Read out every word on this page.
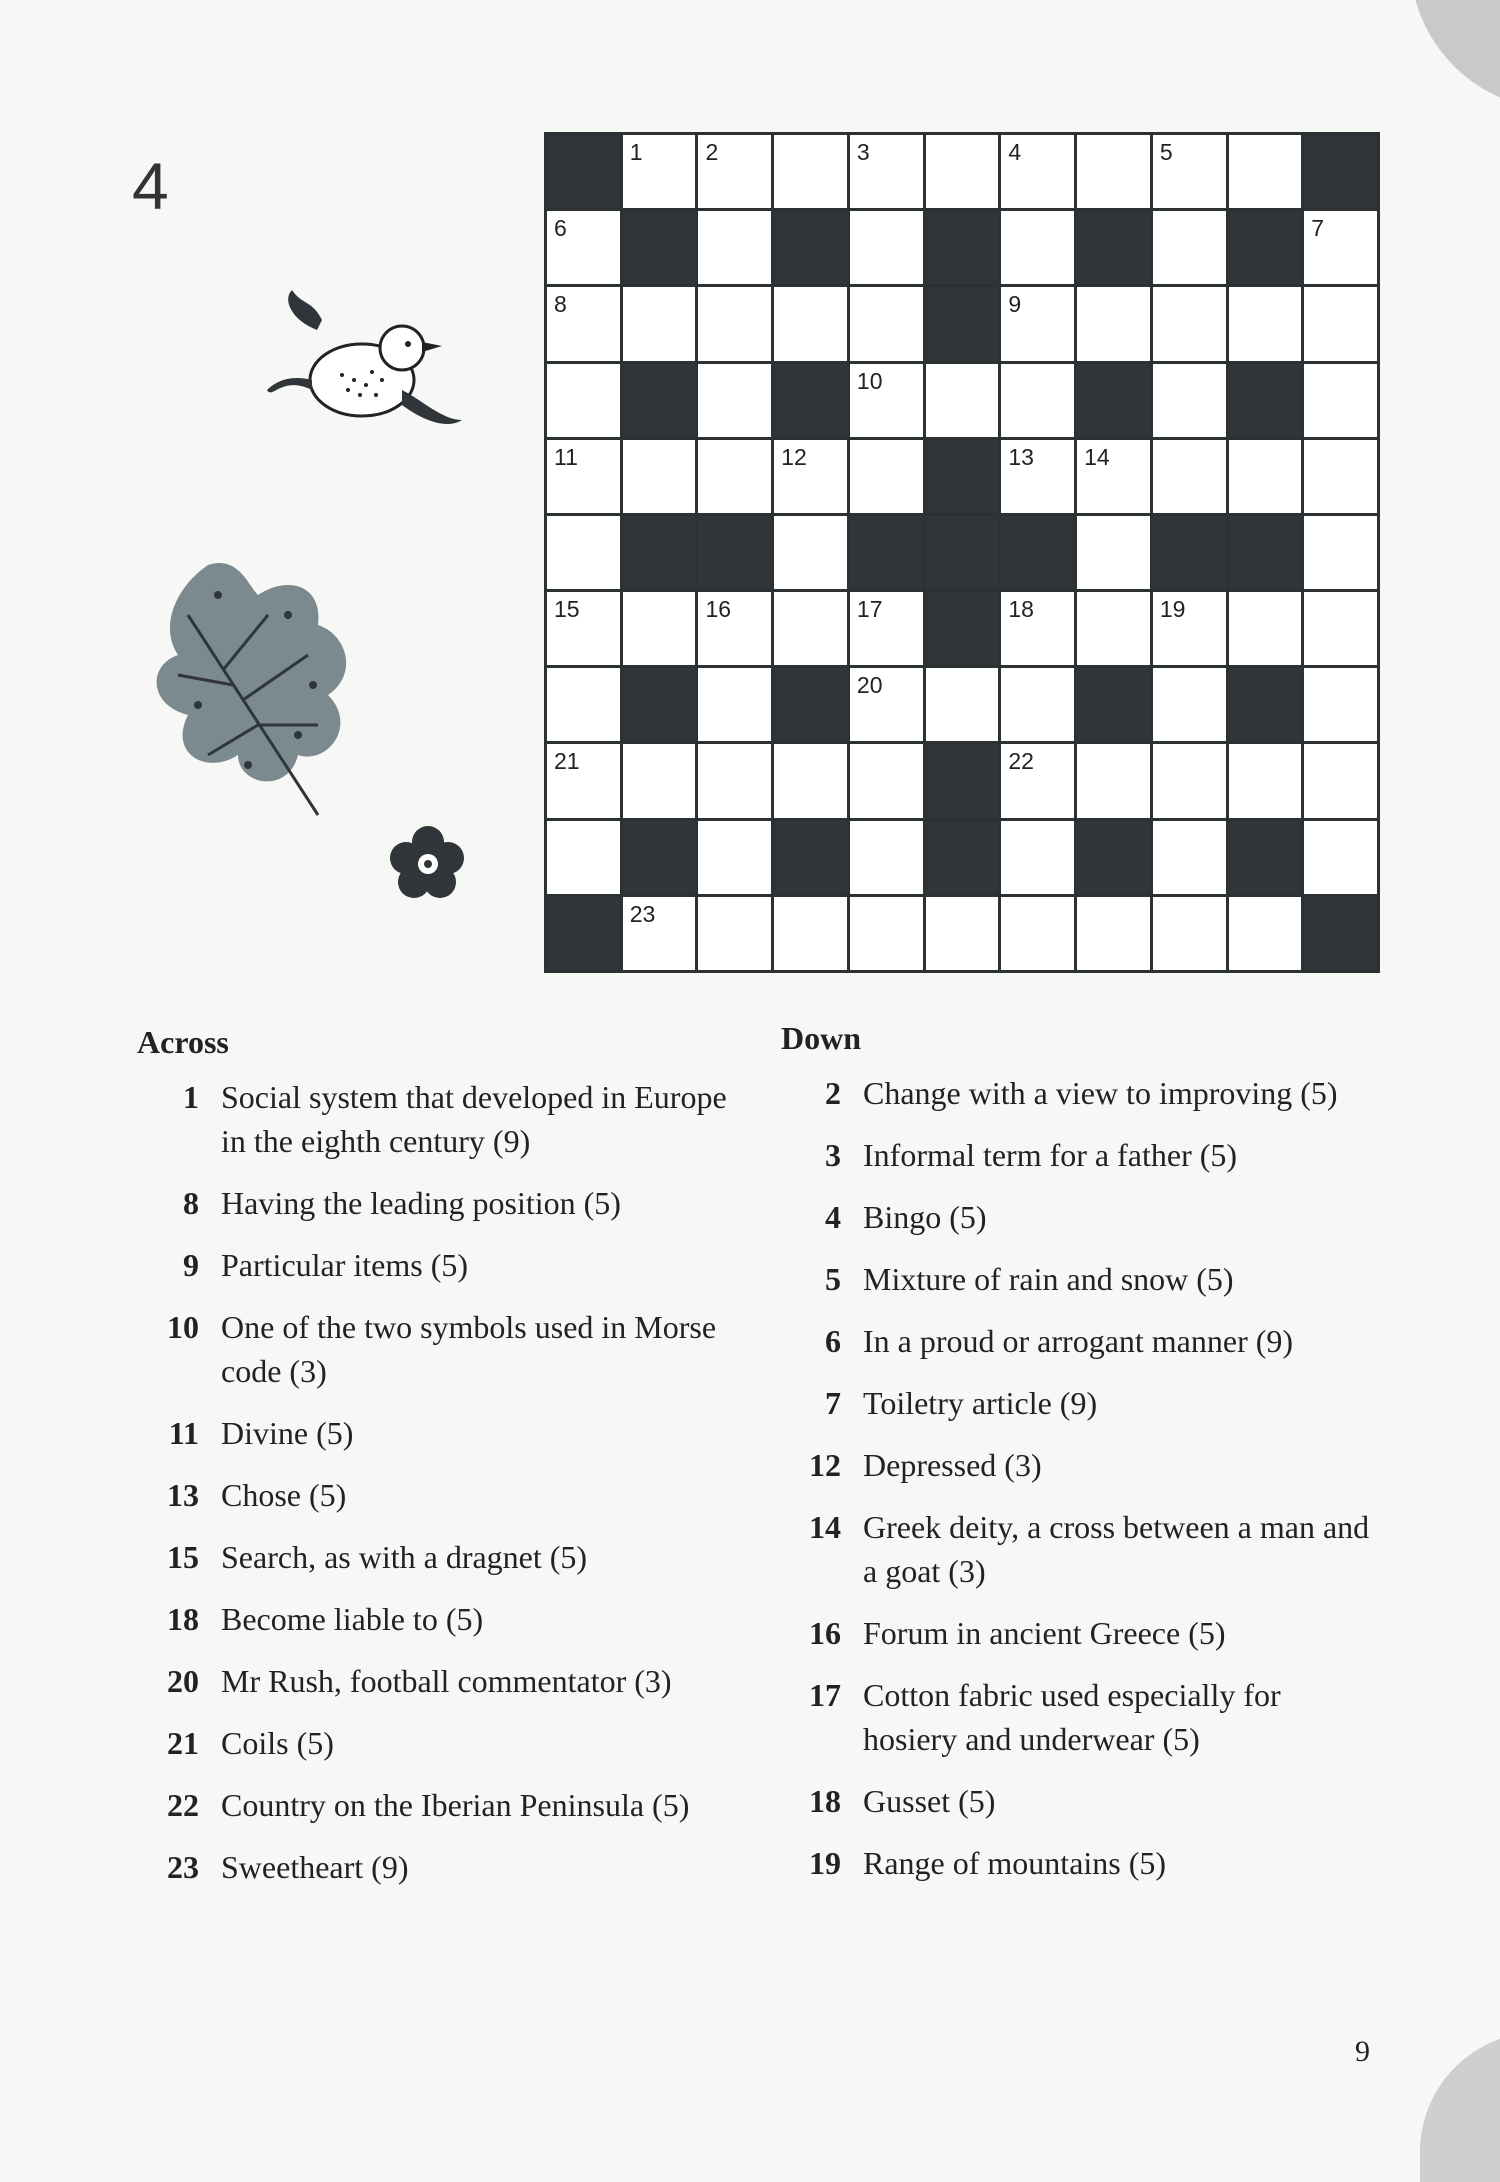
4	1	2	3	4	5
6	7
8	9
10
11	12	13 14
15	16	17	18	19
20
21	22
23
Across
1 Social system that developed in Europe in the eighth century (9)
8 Having the leading position (5)
9 Particular items (5)
10 One of the two symbols used in Morse code (3)
11 Divine (5)
13 Chose (5)
15 Search, as with a dragnet (5)
18 Become liable to (5)
20 Mr Rush, football commentator (3)
21 Coils (5)
22 Country on the Iberian Peninsula (5)
23 Sweetheart (9)
Down
2 Change with a view to improving (5)
3 Informal term for a father (5)
4 Bingo (5)
5 Mixture of rain and snow (5)
6 In a proud or arrogant manner (9)
7 Toiletry article (9)
12 Depressed (3)
14 Greek deity, a cross between a man and a goat (3)
16 Forum in ancient Greece (5)
17 Cotton fabric used especially for hosiery and underwear (5)
18 Gusset (5)
19 Range of mountains (5)
9
